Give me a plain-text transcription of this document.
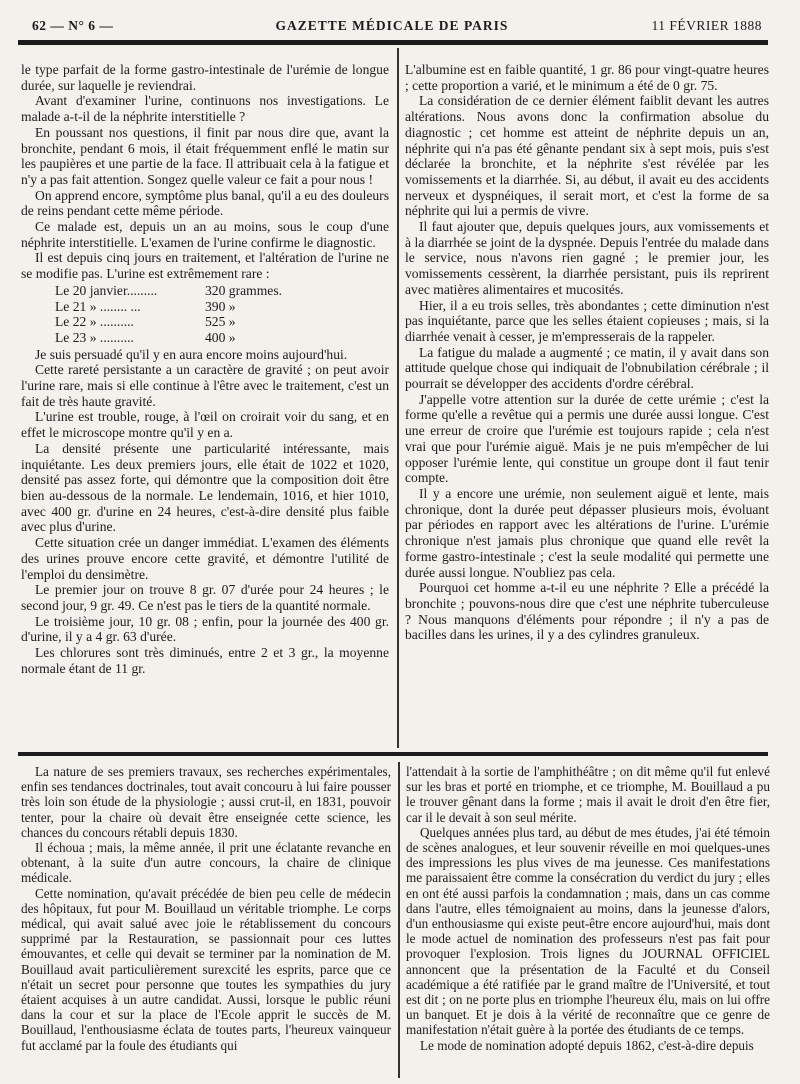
62 — N° 6 —	GAZETTE MÉDICALE DE PARIS	11 FÉVRIER 1888

le type parfait de la forme gastro-intestinale de l'urémie de longue durée, sur laquelle je reviendrai.

Avant d'examiner l'urine, continuons nos investigations. Le malade a-t-il de la néphrite interstitielle ?

En poussant nos questions, il finit par nous dire que, avant la bronchite, pendant 6 mois, il était fréquemment enflé le matin sur les paupières et une partie de la face. Il attribuait cela à la fatigue et n'y a pas fait attention. Songez quelle valeur ce fait a pour nous !

On apprend encore, symptôme plus banal, qu'il a eu des douleurs de reins pendant cette même période.

Ce malade est, depuis un an au moins, sous le coup d'une néphrite interstitielle. L'examen de l'urine confirme le diagnostic.

Il est depuis cinq jours en traitement, et l'altération de l'urine ne se modifie pas. L'urine est extrêmement rare :

Le 20 janvier.........	320 grammes.
Le 21 » ........ ...	390 »
Le 22 » ..........	525 »
Le 23 » ..........	400 »

Je suis persuadé qu'il y en aura encore moins aujourd'hui.

Cette rareté persistante a un caractère de gravité ; on peut avoir l'urine rare, mais si elle continue à l'être avec le traitement, c'est un fait de très haute gravité.

L'urine est trouble, rouge, à l'œil on croirait voir du sang, et en effet le microscope montre qu'il y en a.

La densité présente une particularité intéressante, mais inquiétante. Les deux premiers jours, elle était de 1022 et 1020, densité pas assez forte, qui démontre que la composition doit être bien au-dessous de la normale. Le lendemain, 1016, et hier 1010, avec 400 gr. d'urine en 24 heures, c'est-à-dire densité plus faible avec plus d'urine.

Cette situation crée un danger immédiat. L'examen des éléments des urines prouve encore cette gravité, et démontre l'utilité de l'emploi du densimètre.

Le premier jour on trouve 8 gr. 07 d'urée pour 24 heures ; le second jour, 9 gr. 49. Ce n'est pas le tiers de la quantité normale.

Le troisième jour, 10 gr. 08 ; enfin, pour la journée des 400 gr. d'urine, il y a 4 gr. 63 d'urée.

Les chlorures sont très diminués, entre 2 et 3 gr., la moyenne normale étant de 11 gr.

L'albumine est en faible quantité, 1 gr. 86 pour vingt-quatre heures ; cette proportion a varié, et le minimum a été de 0 gr. 75.

La considération de ce dernier élément faiblit devant les autres altérations. Nous avons donc la confirmation absolue du diagnostic ; cet homme est atteint de néphrite depuis un an, néphrite qui n'a pas été gênante pendant six à sept mois, puis s'est déclarée la bronchite, et la néphrite s'est révélée par les vomissements et la diarrhée. Si, au début, il avait eu des accidents nerveux et dyspnéiques, il serait mort, et c'est la forme de sa néphrite qui lui a permis de vivre.

Il faut ajouter que, depuis quelques jours, aux vomissements et à la diarrhée se joint de la dyspnée. Depuis l'entrée du malade dans le service, nous n'avons rien gagné ; le premier jour, les vomissements cessèrent, la diarrhée persistant, puis ils reprirent avec matières alimentaires et mucosités.

Hier, il a eu trois selles, très abondantes ; cette diminution n'est pas inquiétante, parce que les selles étaient copieuses ; mais, si la diarrhée venait à cesser, je m'empresserais de la rappeler.

La fatigue du malade a augmenté ; ce matin, il y avait dans son attitude quelque chose qui indiquait de l'obnubilation cérébrale ; il pourrait se développer des accidents d'ordre cérébral.

J'appelle votre attention sur la durée de cette urémie ; c'est la forme qu'elle a revêtue qui a permis une durée aussi longue. C'est une erreur de croire que l'urémie est toujours rapide ; cela n'est vrai que pour l'urémie aiguë. Mais je ne puis m'empêcher de lui opposer l'urémie lente, qui constitue un groupe dont il faut tenir compte.

Il y a encore une urémie, non seulement aiguë et lente, mais chronique, dont la durée peut dépasser plusieurs mois, évoluant par périodes en rapport avec les altérations de l'urine. L'urémie chronique n'est jamais plus chronique que quand elle revêt la forme gastro-intestinale ; c'est la seule modalité qui permette une durée aussi longue. N'oubliez pas cela.

Pourquoi cet homme a-t-il eu une néphrite ? Elle a précédé la bronchite ; pouvons-nous dire que c'est une néphrite tuberculeuse ? Nous manquons d'éléments pour répondre ; il n'y a pas de bacilles dans les urines, il y a des cylindres granuleux.

La nature de ses premiers travaux, ses recherches expérimentales, enfin ses tendances doctrinales, tout avait concouru à lui faire pousser très loin son étude de la physiologie ; aussi crut-il, en 1831, pouvoir tenter, pour la chaire où devait être enseignée cette science, les chances du concours rétabli depuis 1830.

Il échoua ; mais, la même année, il prit une éclatante revanche en obtenant, à la suite d'un autre concours, la chaire de clinique médicale.

Cette nomination, qu'avait précédée de bien peu celle de médecin des hôpitaux, fut pour M. Bouillaud un véritable triomphe. Le corps médical, qui avait salué avec joie le rétablissement du concours supprimé par la Restauration, se passionnait pour ces luttes émouvantes, et celle qui devait se terminer par la nomination de M. Bouillaud avait particulièrement surexcité les esprits, parce que ce n'était un secret pour personne que toutes les sympathies du jury étaient acquises à un autre candidat. Aussi, lorsque le public réuni dans la cour et sur la place de l'Ecole apprit le succès de M. Bouillaud, l'enthousiasme éclata de toutes parts, l'heureux vainqueur fut acclamé par la foule des étudiants qui

l'attendait à la sortie de l'amphithéâtre ; on dit même qu'il fut enlevé sur les bras et porté en triomphe, et ce triomphe, M. Bouillaud a pu le trouver gênant dans la forme ; mais il avait le droit d'en être fier, car il le devait à son seul mérite.

Quelques années plus tard, au début de mes études, j'ai été témoin de scènes analogues, et leur souvenir réveille en moi quelques-unes des impressions les plus vives de ma jeunesse. Ces manifestations me paraissaient être comme la consécration du verdict du jury ; elles en ont été aussi parfois la condamnation ; mais, dans un cas comme dans l'autre, elles témoignaient au moins, dans la jeunesse d'alors, d'un enthousiasme qui existe peut-être encore aujourd'hui, mais dont le mode actuel de nomination des professeurs n'est pas fait pour provoquer l'explosion. Trois lignes du JOURNAL OFFICIEL annoncent que la présentation de la Faculté et du Conseil académique a été ratifiée par le grand maître de l'Université, et tout est dit ; on ne porte plus en triomphe l'heureux élu, mais on lui offre un banquet. Et je dois à la vérité de reconnaître que ce genre de manifestation n'était guère à la portée des étudiants de ce temps.

Le mode de nomination adopté depuis 1862, c'est-à-dire depuis
